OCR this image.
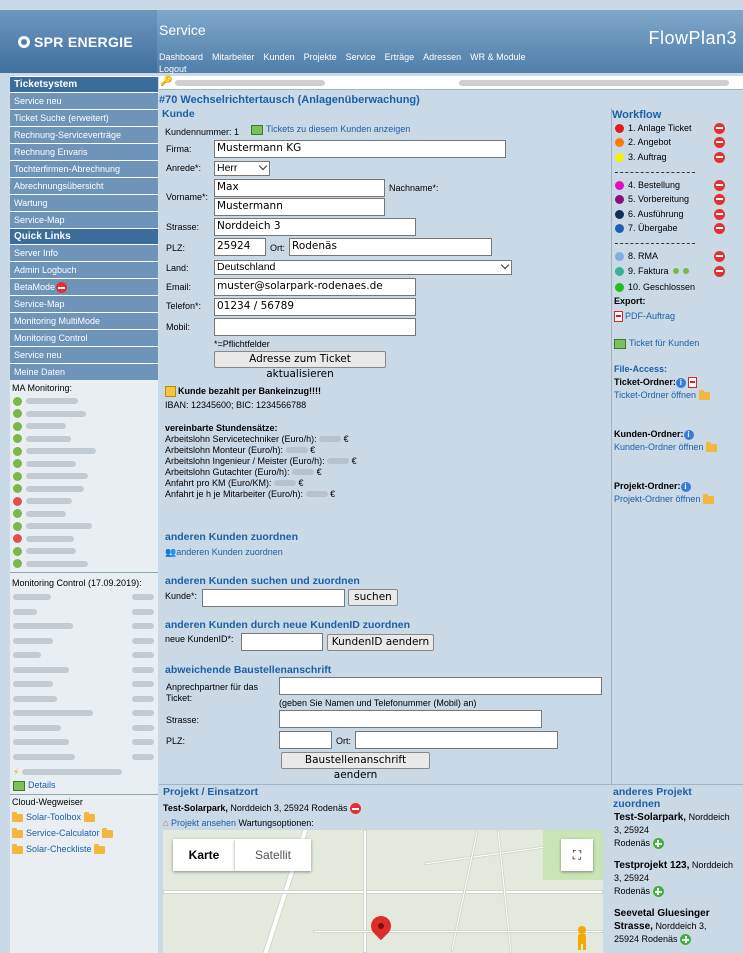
SPR ENERGIE
Service	FlowPlan3
Dashboard Mitarbeiter Kunden Projekte Service Erträge Adressen WR & Module
Logout
🔑
Ticketsystem
Service neu
Ticket Suche (erweitert)
Rechnung-Serviceverträge
Rechnung Envaris
Tochterfirmen-Abrechnung
Abrechnungsübersicht
Wartung
Service-Map
Quick Links
Server Info
Admin Logbuch
BetaMode
Service-Map
Monitoring MultiMode
Monitoring Control
Service neu
Meine Daten
MA Monitoring:
Monitoring Control (17.09.2019):
⚡
Details
Cloud-Wegweiser
Solar-Toolbox
Service-Calculator
Solar-Checkliste
#70 Wechselrichtertausch (Anlagenüberwachung)
Kunde
Kundennummer: 1	Tickets zu diesem Kunden anzeigen
Firma: Mustermann KG
Anrede*: Herr
Vorname*:
Max	Nachname*:
Mustermann
Strasse: Norddeich 3
PLZ:	25924	Ort: Rodenäs
Land:	Deutschland
Email: muster@solarpark-rodenaes.de
Telefon*: 01234 / 56789
Mobil:
*=Pflichtfelder
Adresse zum Ticket aktualisieren
Kunde bezahlt per Bankeinzug!!!!
IBAN: 12345600; BIC: 1234566788
vereinbarte Stundensätze:
Arbeitslohn Servicetechniker (Euro/h):  €
Arbeitslohn Monteur (Euro/h):  €
Arbeitslohn Ingenieur / Meister (Euro/h):  €
Arbeitslohn Gutachter (Euro/h):  €
Anfahrt pro KM (Euro/KM):  €
Anfahrt je h je Mitarbeiter (Euro/h):  €
anderen Kunden zuordnen
👥anderen Kunden zuordnen
anderen Kunden suchen und zuordnen
Kunde*:	suchen
anderen Kunden durch neue KundenID zuordnen
neue KundenID*:	KundenID aendern
abweichende Baustellenanschrift
Anprechpartner für das Ticket:	(geben Sie Namen und Telefonummer (Mobil) an)
Strasse:
PLZ:	Ort:
Baustellenanschrift aendern
Workflow
Export:
PDF-Auftrag
Ticket für Kunden
File-Access:
Ticket-Ordner: i
Ticket-Ordner öffnen
Kunden-Ordner: i
Kunden-Ordner öffnen
Projekt-Ordner: i
Projekt-Ordner öffnen
Projekt / Einsatzort
Test-Solarpark, Norddeich 3, 25924 Rodenäs
⌂ Projekt ansehen Wartungsoptionen:
Karte	Satellit	⛶
anderes Projekt zuordnen
Test-Solarpark, Norddeich 3, 25924
Rodenäs
Testprojekt 123, Norddeich 3, 25924
Rodenäs
Seevetal Gluesinger Strasse, Norddeich 3,
25924 Rodenäs
1. Anlage Ticket
2. Angebot
3. Auftrag
4. Bestellung
5. Vorbereitung
6. Ausführung
7. Übergabe
8. RMA
9. Faktura
10. Geschlossen
